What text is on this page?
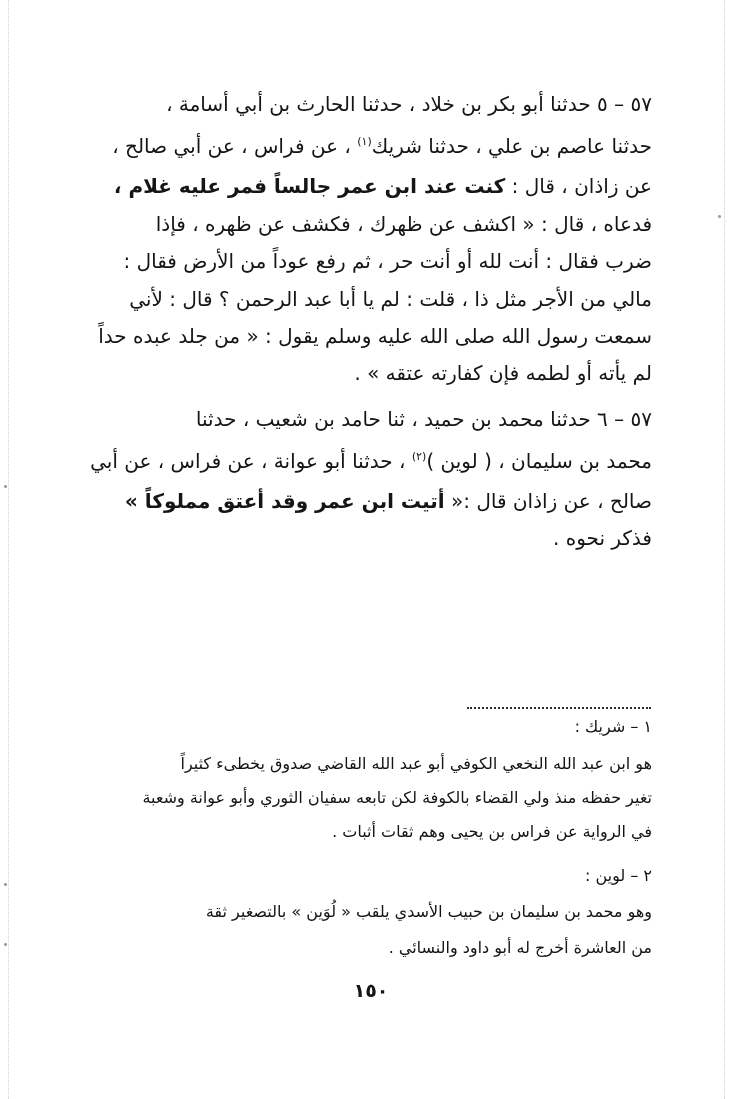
٥٧ – ٥ حدثنا أبو بكر بن خلاد ، حدثنا الحارث بن أبي أسامة ،
حدثنا عاصم بن علي ، حدثنا شريك$^{(١)}$ ، عن فراس ، عن أبي صالح ،
عن زاذان ، قال : كنت عند ابن عمر جالساً فمر عليه غلام ،
فدعاه ، قال : « اكشف عن ظهرك ، فكشف عن ظهره ، فإذا
ضرب فقال : أنت لله أو أنت حر ، ثم رفع عوداً من الأرض فقال :
مالي من الأجر مثل ذا ، قلت : لم يا أبا عبد الرحمن ؟ قال : لأني
سمعت رسول الله صلى الله عليه وسلم يقول : « من جلد عبده حداً
لم يأته أو لطمه فإن كفارته عتقه » .
٥٧ – ٦ حدثنا محمد بن حميد ، ثنا حامد بن شعيب ، حدثنا
محمد بن سليمان ، ( لوين )$^{(٢)}$ ، حدثنا أبو عوانة ، عن فراس ، عن أبي
صالح ، عن زاذان قال :« أتيت ابن عمر وقد أعتق مملوكاً »
فذكر نحوه .
١ – شريك :
هو ابن عبد الله النخعي الكوفي أبو عبد الله القاضي صدوق يخطىء كثيراً
تغير حفظه منذ ولي القضاء بالكوفة لكن تابعه سفيان الثوري وأبو عوانة وشعبة
في الرواية عن فراس بن يحيى وهم ثقات أثبات .
٢ – لوين :
وهو محمد بن سليمان بن حبيب الأسدي يلقب « لُوَين » بالتصغير ثقة
من العاشرة أخرج له أبو داود والنسائي .
١٥٠
